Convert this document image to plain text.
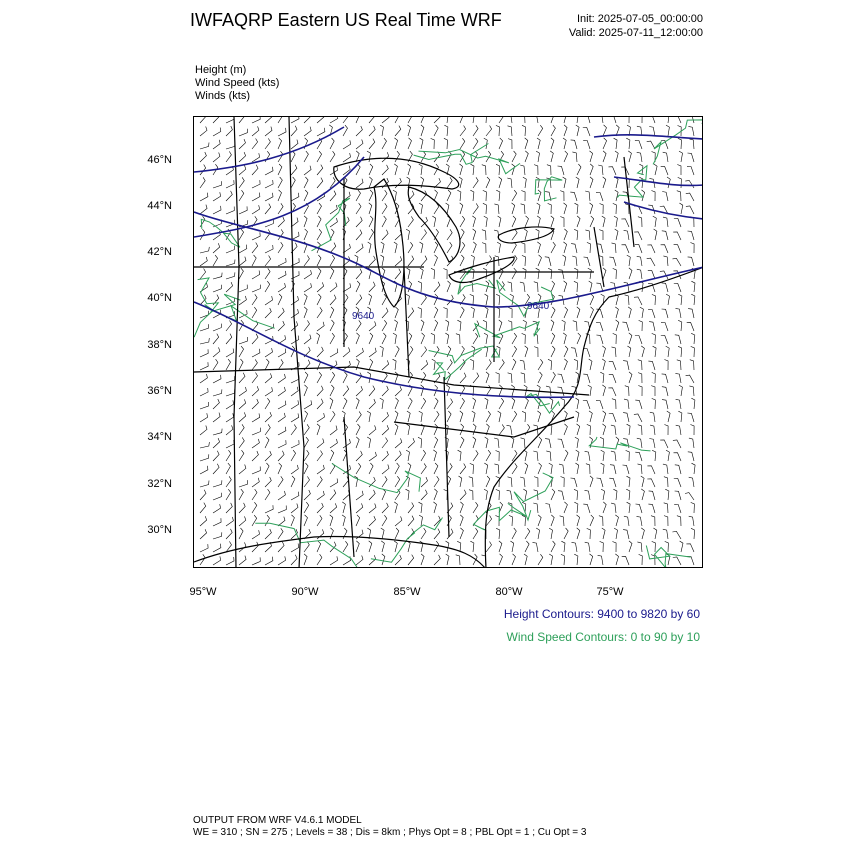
IWFAQRP Eastern US Real Time WRF	Init: 2025-07-05_00:00:00
Valid: 2025-07-11_12:00:00
Height (m)
Wind Speed (kts)
Winds (kts)
9640
9640
46°N
44°N
42°N
40°N
38°N
36°N
34°N
32°N
30°N
95°W	90°W	85°W	80°W	75°W
Height Contours: 9400 to 9820 by 60
Wind Speed Contours: 0 to 90 by 10
OUTPUT FROM WRF V4.6.1 MODEL
WE = 310 ; SN = 275 ; Levels = 38 ; Dis = 8km ; Phys Opt = 8 ; PBL Opt = 1 ; Cu Opt = 3
